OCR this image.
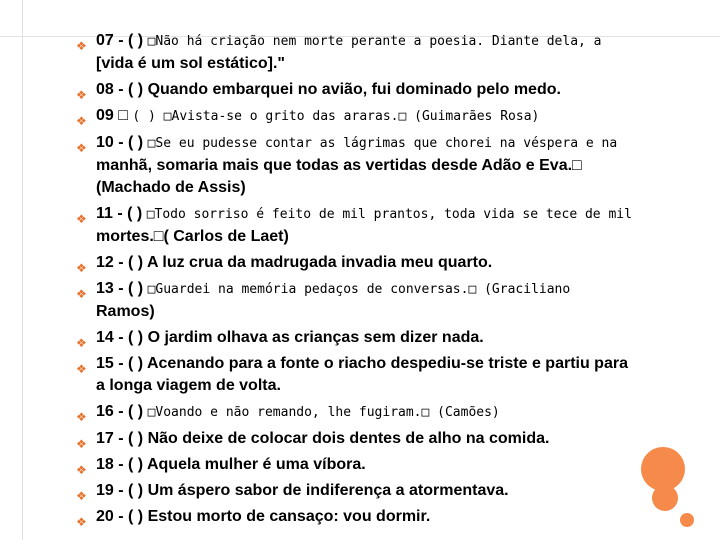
❖ 07 - ( ) □Não há criação nem morte perante a poesia. Diante dela, a
[vida é um sol estático]."
❖ 08 - ( ) Quando embarquei no avião, fui dominado pelo medo.
❖ 09 □ ( ) □Avista-se o grito das araras.□ (Guimarães Rosa)
❖ 10 - ( ) □Se eu pudesse contar as lágrimas que chorei na véspera e na
manhã, somaria mais que todas as vertidas desde Adão e Eva.□
(Machado de Assis)
❖ 11 - ( ) □Todo sorriso é feito de mil prantos, toda vida se tece de mil
mortes.□( Carlos de Laet)
❖ 12 - ( ) A luz crua da madrugada invadia meu quarto.
❖ 13 - ( ) □Guardei na memória pedaços de conversas.□ (Graciliano
Ramos)
❖ 14 - ( ) O jardim olhava as crianças sem dizer nada.
❖ 15 - ( ) Acenando para a fonte o riacho despediu-se triste e partiu para
a longa viagem de volta.
❖ 16 - ( ) □Voando e não remando, lhe fugiram.□ (Camões)
❖ 17 - ( ) Não deixe de colocar dois dentes de alho na comida.
❖ 18 - ( ) Aquela mulher é uma víbora.
❖ 19 - ( ) Um áspero sabor de indiferença a atormentava.
❖ 20 - ( ) Estou morto de cansaço: vou dormir.
